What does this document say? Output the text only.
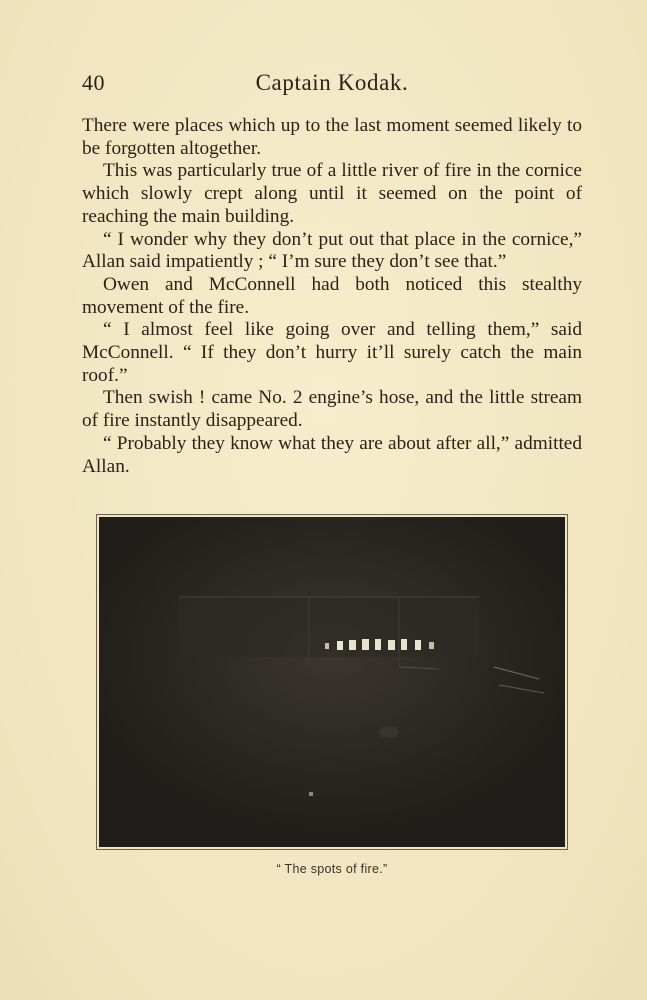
40	Captain Kodak.

There were places which up to the last moment seemed likely to be forgotten altogether.

This was particularly true of a little river of fire in the cornice which slowly crept along until it seemed on the point of reaching the main building.

“ I wonder why they don’t put out that place in the cornice,” Allan said impatiently ; “ I’m sure they don’t see that.”

Owen and McConnell had both noticed this stealthy movement of the fire.

“ I almost feel like going over and telling them,” said McConnell. “ If they don’t hurry it’ll surely catch the main roof.”

Then swish ! came No. 2 engine’s hose, and the little stream of fire instantly disappeared.

“ Probably they know what they are about after all,” admitted Allan.

“ The spots of fire.”
